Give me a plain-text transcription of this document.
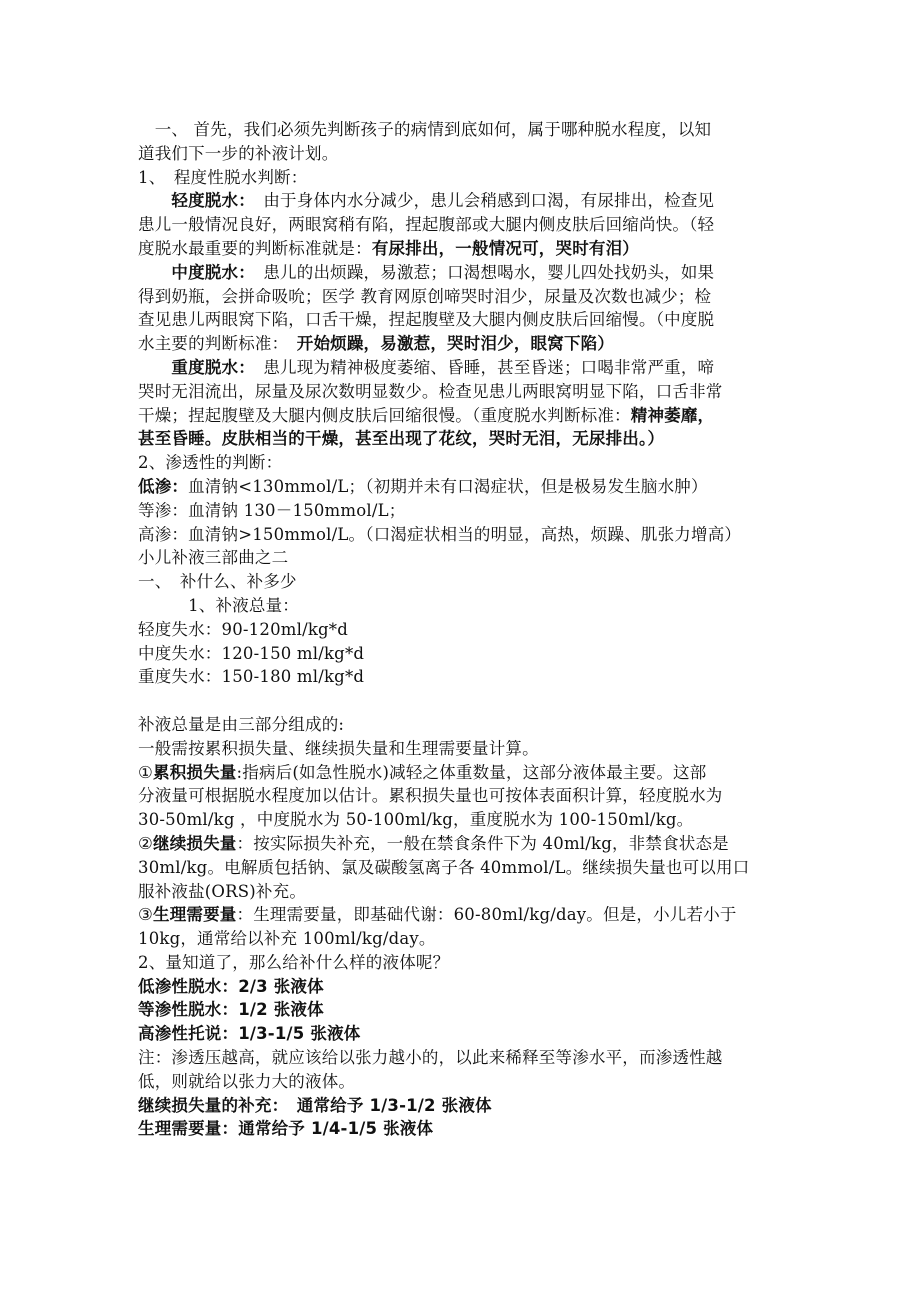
　一、 首先，我们必须先判断孩子的病情到底如何，属于哪种脱水程度，以知
道我们下一步的补液计划。
1、　程度性脱水判断：
　　轻度脱水：　由于身体内水分减少，患儿会稍感到口渴，有尿排出，检查见
患儿一般情况良好，两眼窝稍有陷，捏起腹部或大腿内侧皮肤后回缩尚快。（轻
度脱水最重要的判断标准就是：有尿排出，一般情况可，哭时有泪）
　　中度脱水：　患儿的出烦躁，易激惹；口渴想喝水，婴儿四处找奶头，如果
得到奶瓶，会拼命吸吮；医学 教育网原创啼哭时泪少，尿量及次数也减少；检
查见患儿两眼窝下陷，口舌干燥，捏起腹壁及大腿内侧皮肤后回缩慢。（中度脱
水主要的判断标准：　开始烦躁，易激惹，哭时泪少，眼窝下陷）
　　重度脱水：　患儿现为精神极度萎缩、昏睡，甚至昏迷；口喝非常严重，啼
哭时无泪流出，尿量及尿次数明显数少。检查见患儿两眼窝明显下陷，口舌非常
干燥；捏起腹壁及大腿内侧皮肤后回缩很慢。（重度脱水判断标准：精神萎靡，
甚至昏睡。皮肤相当的干燥，甚至出现了花纹，哭时无泪，无尿排出。）
2、渗透性的判断：
低渗：血清钠<130mmol/L；（初期并未有口渴症状，但是极易发生脑水肿）
等渗：血清钠 130－150mmol/L；
高渗：血清钠>150mmol/L。（口渴症状相当的明显，高热，烦躁、肌张力增高）
小儿补液三部曲之二
一、　补什么、补多少
　　　1、补液总量：
轻度失水：90-120ml/kg*d
中度失水：120-150 ml/kg*d
重度失水：150-180 ml/kg*d
补液总量是由三部分组成的:
一般需按累积损失量、继续损失量和生理需要量计算。
①累积损失量:指病后(如急性脱水)减轻之体重数量，这部分液体最主要。这部
分液量可根据脱水程度加以估计。累积损失量也可按体表面积计算，轻度脱水为
30-50ml/kg ，中度脱水为 50-100ml/kg，重度脱水为 100-150ml/kg。
②继续损失量：按实际损失补充，一般在禁食条件下为 40ml/kg，非禁食状态是
30ml/kg。电解质包括钠、氯及碳酸氢离子各 40mmol/L。继续损失量也可以用口
服补液盐(ORS)补充。
③生理需要量：生理需要量，即基础代谢：60-80ml/kg/day。但是，小儿若小于
10kg，通常给以补充 100ml/kg/day。
2、量知道了，那么给补什么样的液体呢？
低渗性脱水：2/3 张液体
等渗性脱水：1/2 张液体
高渗性托说：1/3-1/5 张液体
注：渗透压越高，就应该给以张力越小的，以此来稀释至等渗水平，而渗透性越
低，则就给以张力大的液体。
继续损失量的补充：　通常给予 1/3-1/2 张液体
生理需要量：通常给予 1/4-1/5 张液体
